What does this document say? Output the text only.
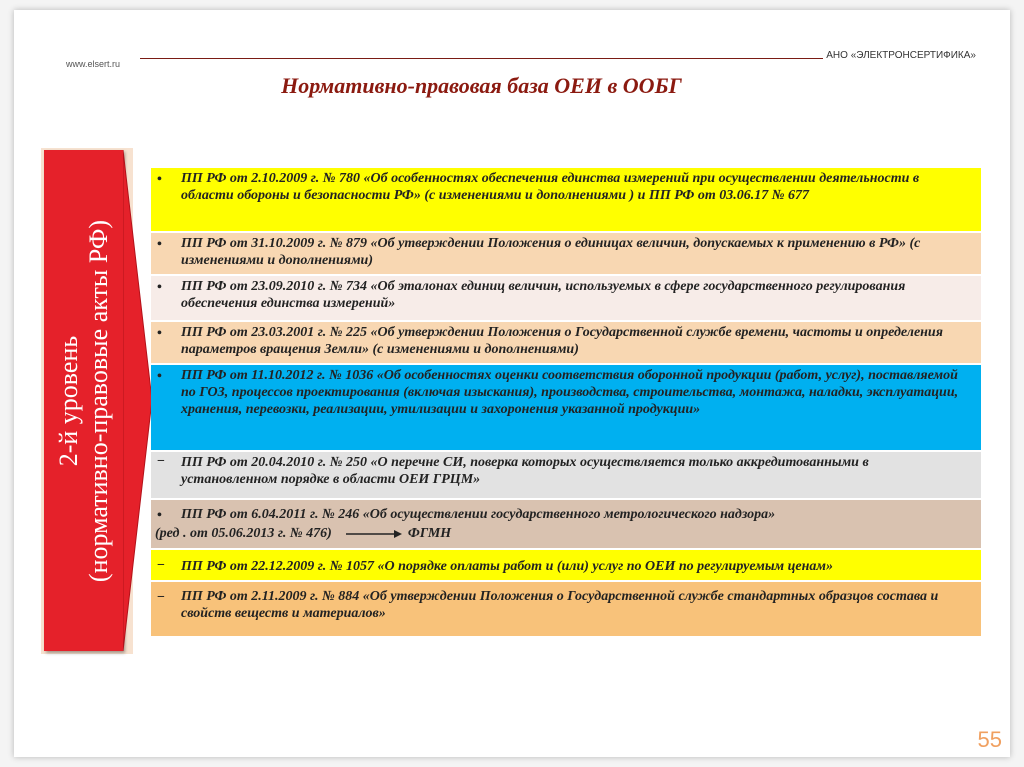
АНО «ЭЛЕКТРОНСЕРТИФИКА»
www.elsert.ru
Нормативно-правовая база ОЕИ в ООБГ
2-й уровень (нормативно-правовые акты РФ)
• ПП РФ от 2.10.2009 г. № 780 «Об особенностях обеспечения единства измерений при осуществлении деятельности в области обороны и безопасности РФ» (с изменениями и дополнениями ) и ПП РФ от 03.06.17 № 677
• ПП РФ от 31.10.2009 г. № 879 «Об утверждении Положения о единицах величин, допускаемых к применению в РФ» (с изменениями и дополнениями)
• ПП РФ от 23.09.2010 г. № 734 «Об эталонах единиц величин, используемых в сфере государственного регулирования обеспечения единства измерений»
• ПП РФ от 23.03.2001 г. № 225 «Об утверждении Положения о Государственной службе времени, частоты и определения параметров вращения Земли» (с изменениями и дополнениями)
• ПП РФ от 11.10.2012 г. № 1036 «Об особенностях оценки соответствия оборонной продукции (работ, услуг), поставляемой по ГОЗ, процессов проектирования (включая изыскания), производства, строительства, монтажа, наладки, эксплуатации, хранения, перевозки, реализации, утилизации и захоронения указанной продукции»
− ПП РФ от 20.04.2010 г. № 250 «О перечне СИ, поверка которых осуществляется только аккредитованными в установленном порядке в области ОЕИ ГРЦМ»
• ПП РФ от 6.04.2011 г. № 246 «Об осуществлении государственного метрологического надзора»
(ред . от 05.06.2013 г. № 476)	ФГМН
− ПП РФ от 22.12.2009 г. № 1057 «О порядке оплаты работ и (или) услуг по ОЕИ по регулируемым ценам»
− ПП РФ от 2.11.2009 г. № 884 «Об утверждении Положения о Государственной службе стандартных образцов состава и свойств веществ и материалов»
55
